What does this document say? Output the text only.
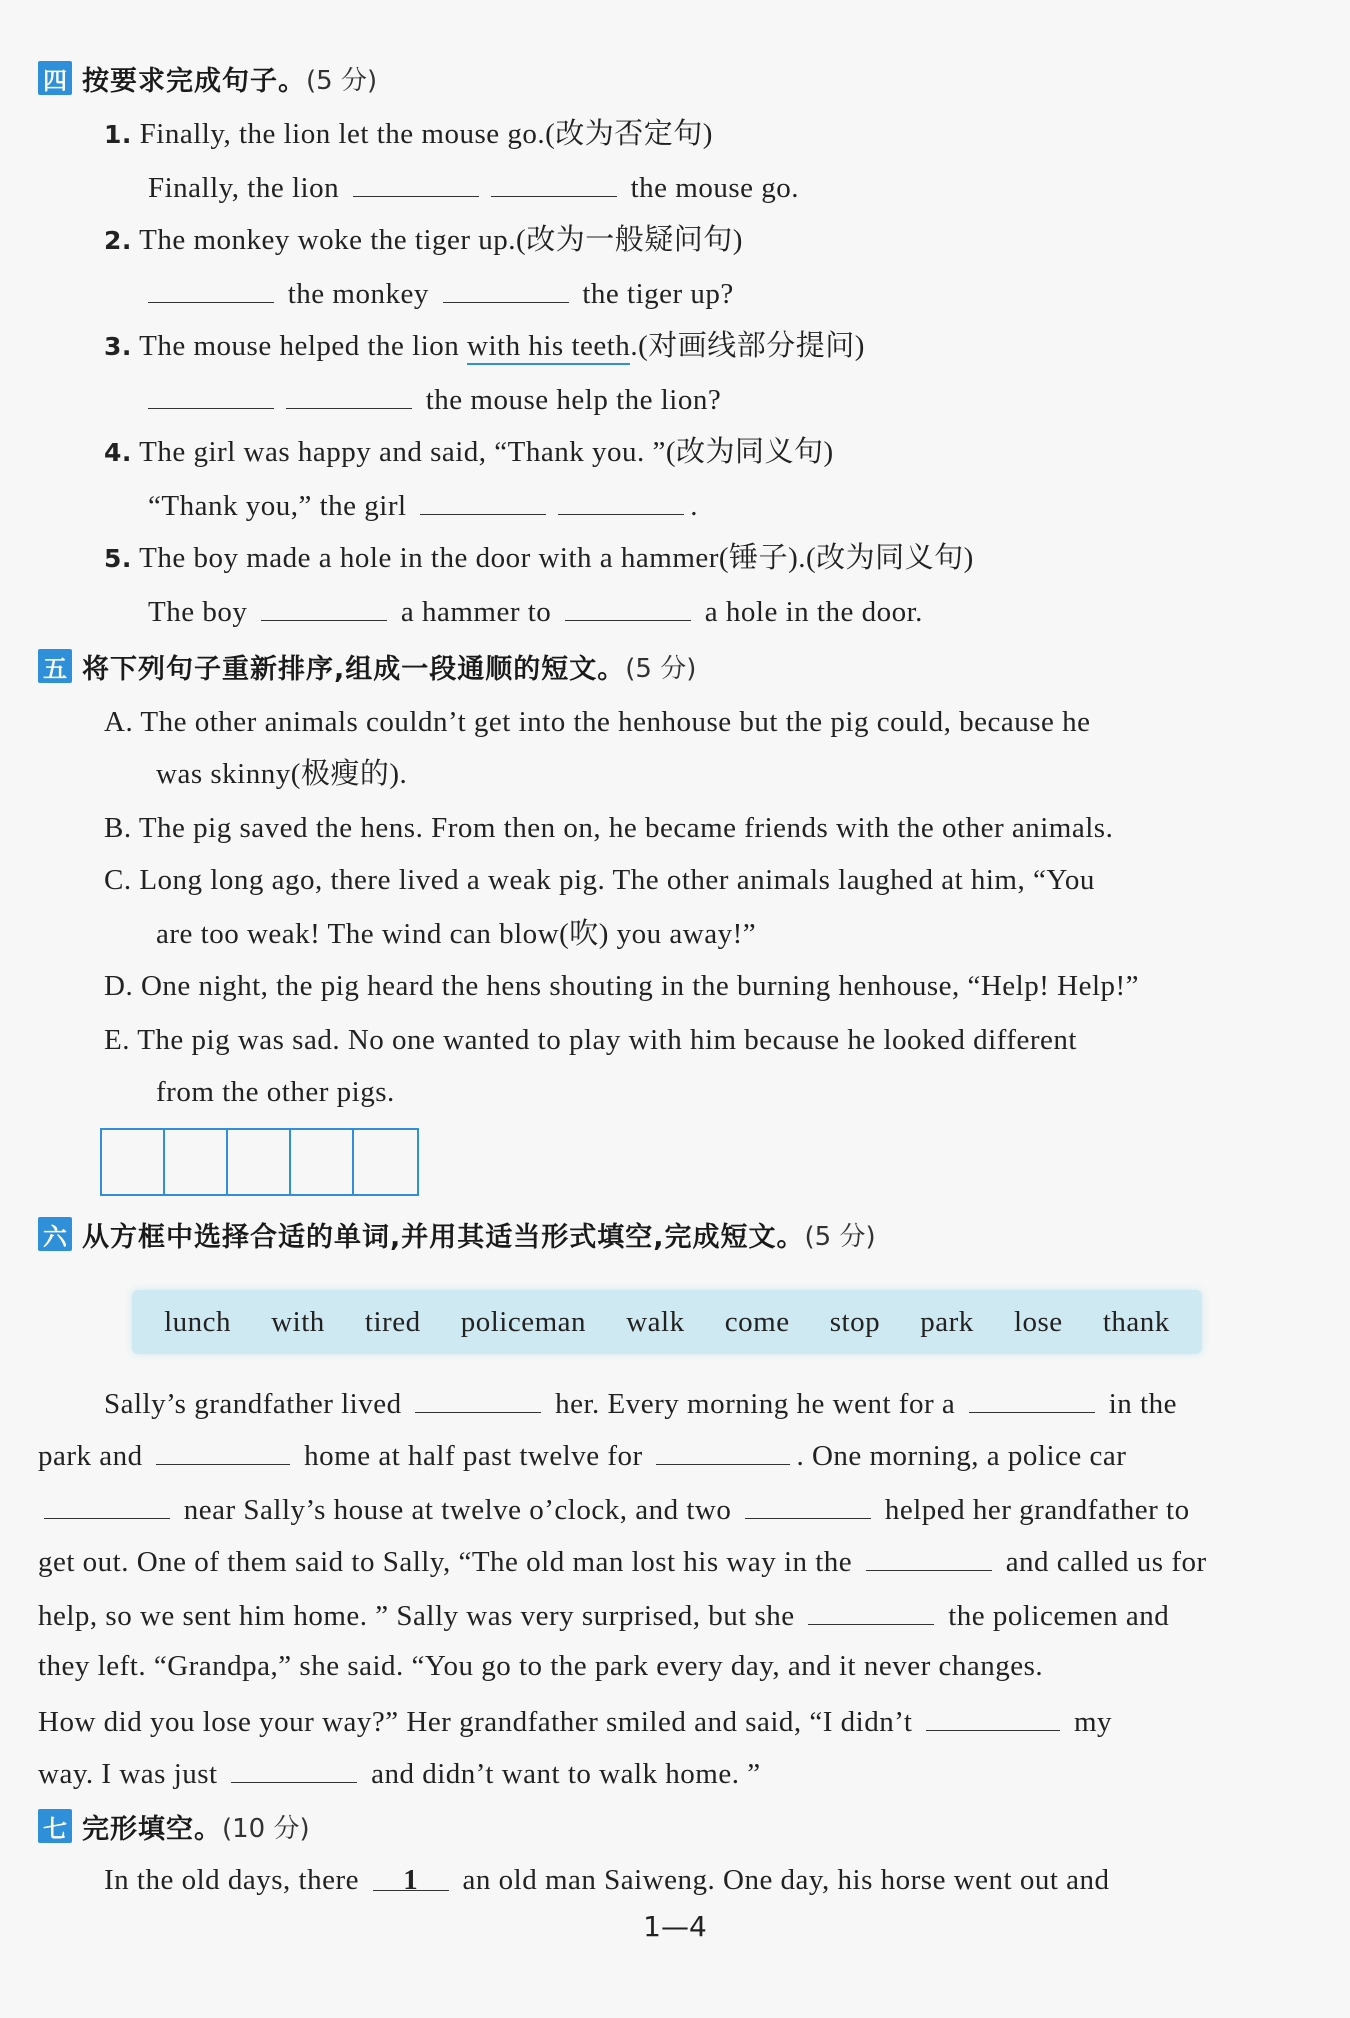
四 按要求完成句子。 (5 分)
1. Finally, the lion let the mouse go.(改为否定句)
Finally, the lion	the mouse go.
2. The monkey woke the tiger up.(改为一般疑问句)
the monkey	the tiger up?
3. The mouse helped the lion with his teeth.(对画线部分提问)
the mouse help the lion?
4. The girl was happy and said, “Thank you. ”(改为同义句)
“Thank you,” the girl	.
5. The boy made a hole in the door with a hammer(锤子).(改为同义句)
The boy	a hammer to	a hole in the door.
五 将下列句子重新排序,组成一段通顺的短文。 (5 分)
A. The other animals couldn’t get into the henhouse but the pig could, because he
was skinny(极瘦的).
B. The pig saved the hens. From then on, he became friends with the other animals.
C. Long long ago, there lived a weak pig. The other animals laughed at him, “You
are too weak! The wind can blow(吹) you away!”
D. One night, the pig heard the hens shouting in the burning henhouse, “Help! Help!”
E. The pig was sad. No one wanted to play with him because he looked different
from the other pigs.
六 从方框中选择合适的单词,并用其适当形式填空,完成短文。 (5 分)
lunch with tired policeman walk come stop park lose thank
Sally’s grandfather lived	her. Every morning he went for a	in the
park and	home at half past twelve for	. One morning, a police car
near Sally’s house at twelve o’clock, and two	helped her grandfather to
get out. One of them said to Sally, “The old man lost his way in the	and called us for
help, so we sent him home. ” Sally was very surprised, but she	the policemen and
they left. “Grandpa,” she said. “You go to the park every day, and it never changes.
How did you lose your way?” Her grandfather smiled and said, “I didn’t	my
way. I was just	and didn’t want to walk home. ”
七 完形填空。 (10 分)
In the old days, there 1 an old man Saiweng. One day, his horse went out and
1—4
